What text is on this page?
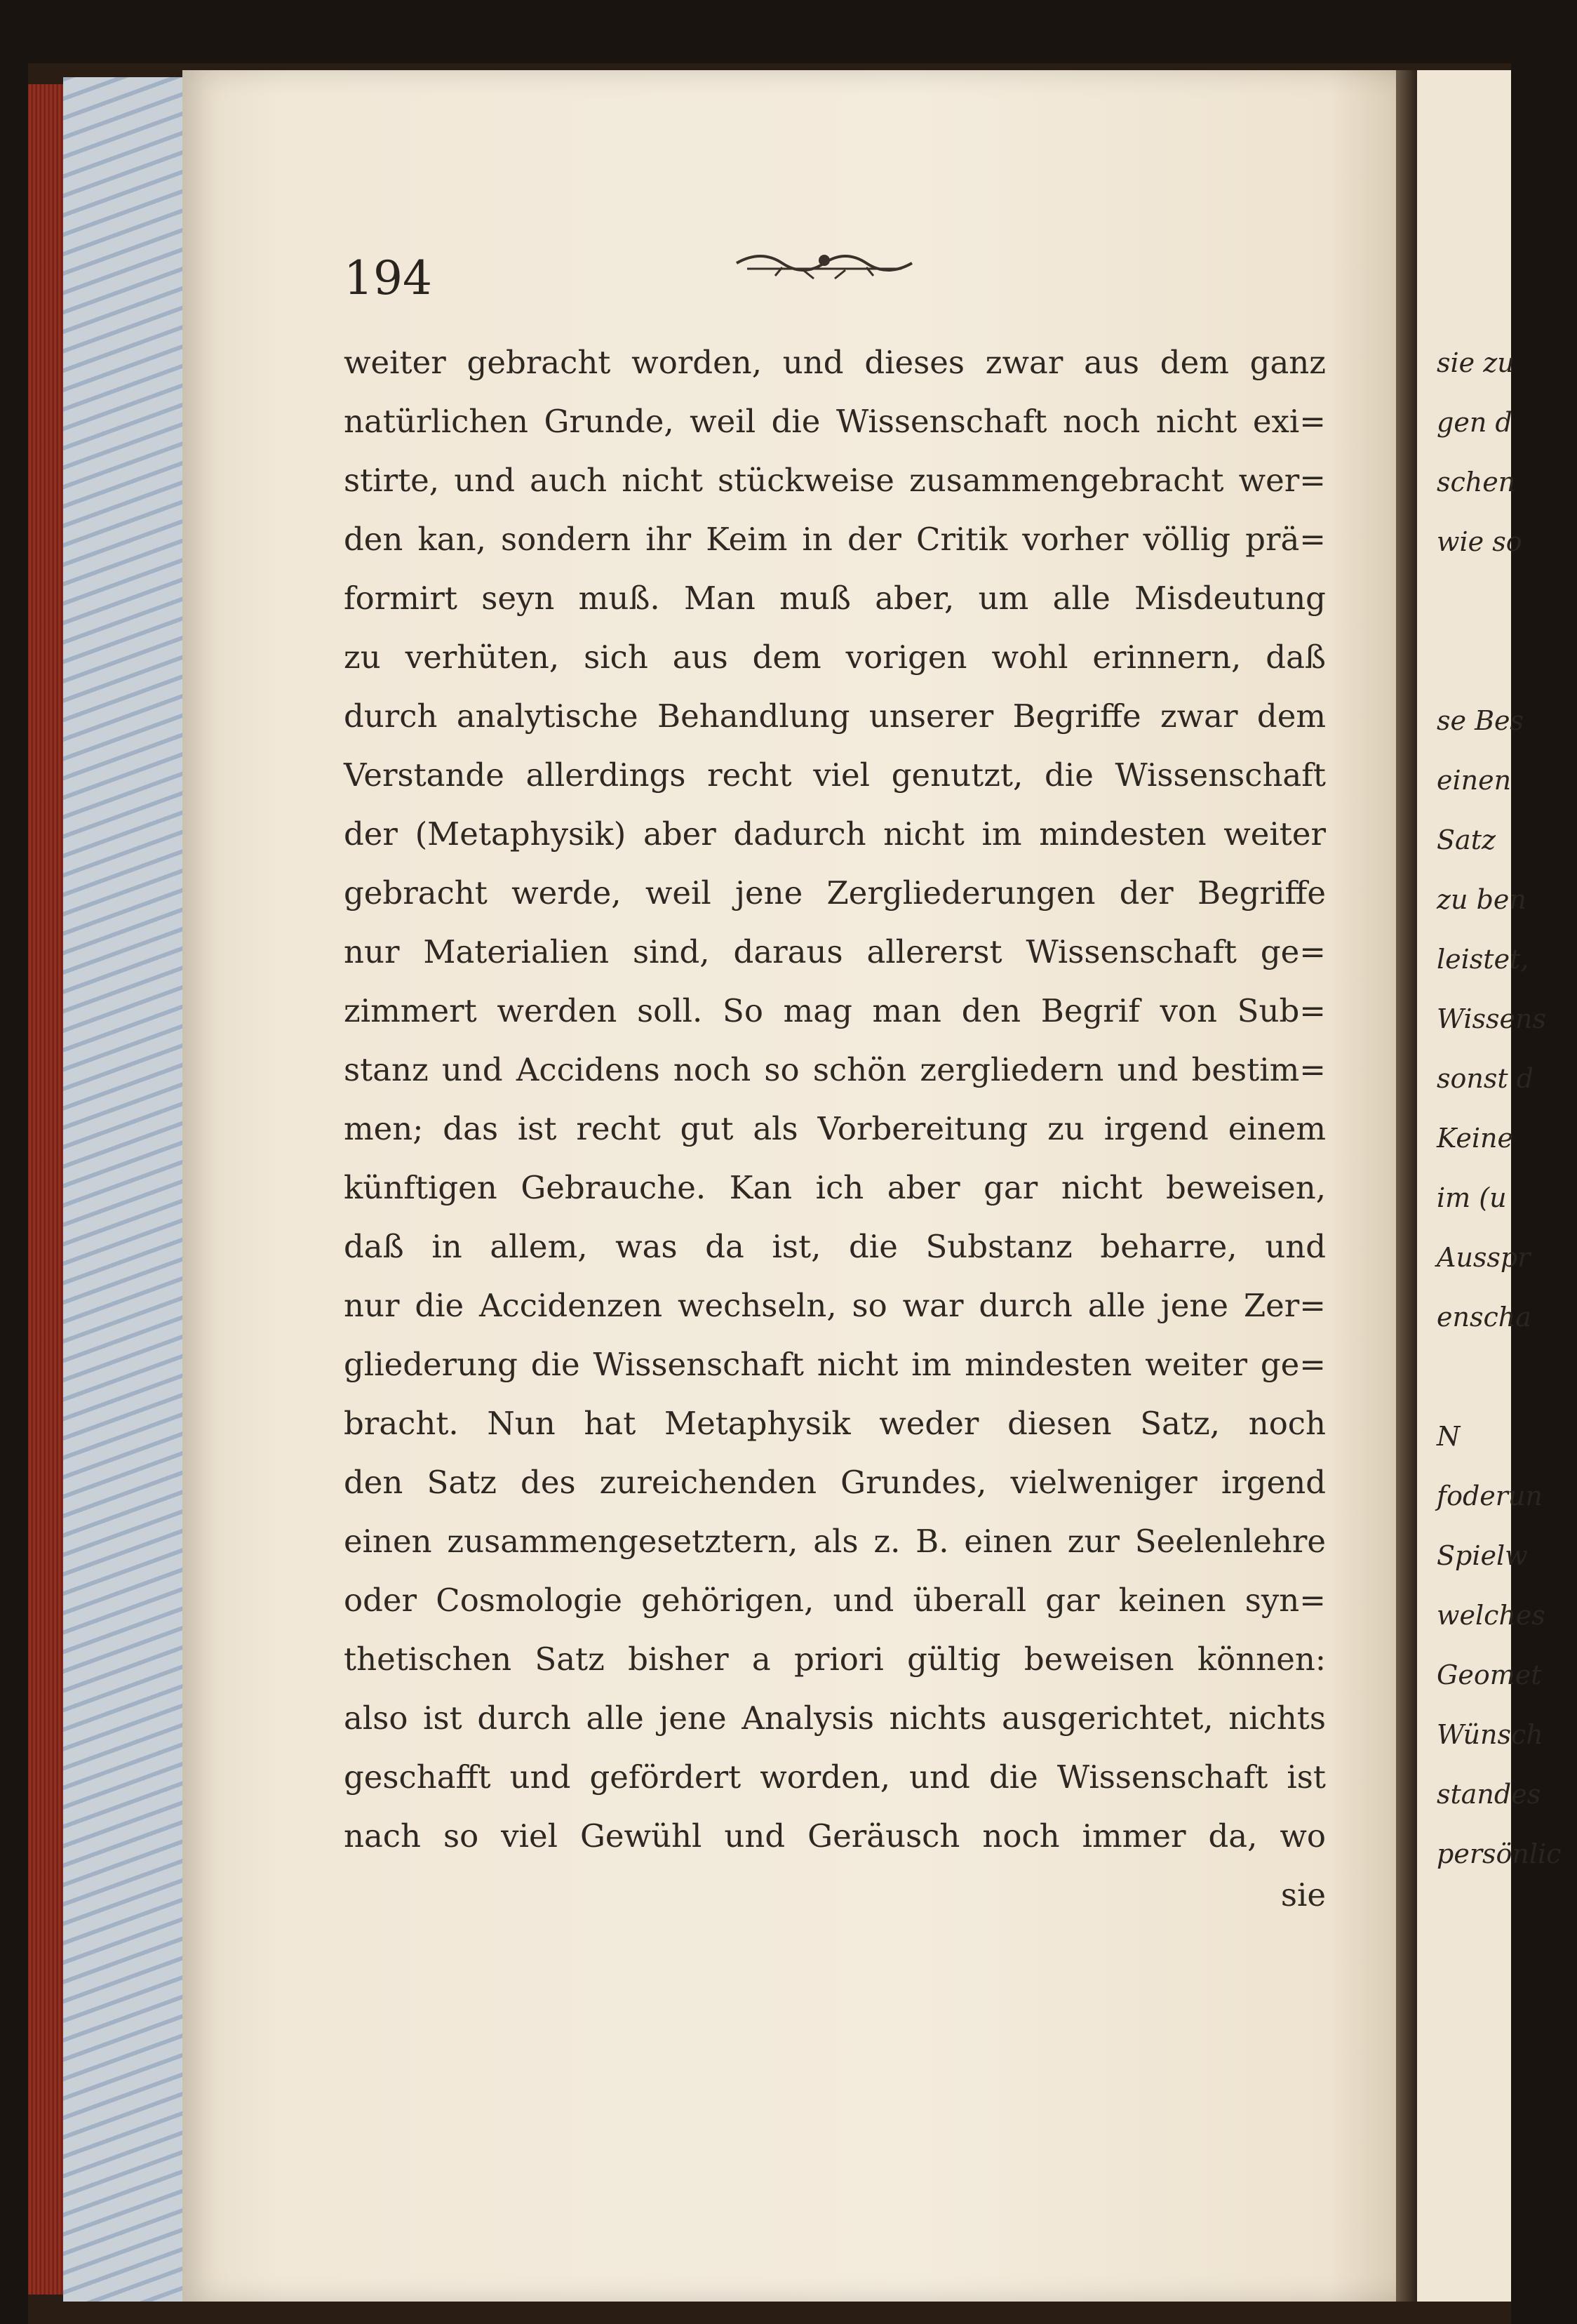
sie zu
gen d
schen
wie so
se Bes
einen
Satz
zu ben
leistet,
Wissens
sonst d
Keine
im (u
Ausspr
enscha
N
foderun
Spielw
welches
Geomet
Wünsch
standes
persönlic
194
weiter gebracht worden, und dieses zwar aus dem ganz
natürlichen Grunde, weil die Wissenschaft noch nicht exi=
stirte, und auch nicht stückweise zusammengebracht wer=
den kan, sondern ihr Keim in der Critik vorher völlig prä=
formirt seyn muß. Man muß aber, um alle Misdeutung
zu verhüten, sich aus dem vorigen wohl erinnern, daß
durch analytische Behandlung unserer Begriffe zwar dem
Verstande allerdings recht viel genutzt, die Wissenschaft
der (Metaphysik) aber dadurch nicht im mindesten weiter
gebracht werde, weil jene Zergliederungen der Begriffe
nur Materialien sind, daraus allererst Wissenschaft ge=
zimmert werden soll. So mag man den Begrif von Sub=
stanz und Accidens noch so schön zergliedern und bestim=
men; das ist recht gut als Vorbereitung zu irgend einem
künftigen Gebrauche. Kan ich aber gar nicht beweisen,
daß in allem, was da ist, die Substanz beharre, und
nur die Accidenzen wechseln, so war durch alle jene Zer=
gliederung die Wissenschaft nicht im mindesten weiter ge=
bracht. Nun hat Metaphysik weder diesen Satz, noch
den Satz des zureichenden Grundes, vielweniger irgend
einen zusammengesetztern, als z. B. einen zur Seelenlehre
oder Cosmologie gehörigen, und überall gar keinen syn=
thetischen Satz bisher a priori gültig beweisen können:
also ist durch alle jene Analysis nichts ausgerichtet, nichts
geschafft und gefördert worden, und die Wissenschaft ist
nach so viel Gewühl und Geräusch noch immer da, wo
sie
